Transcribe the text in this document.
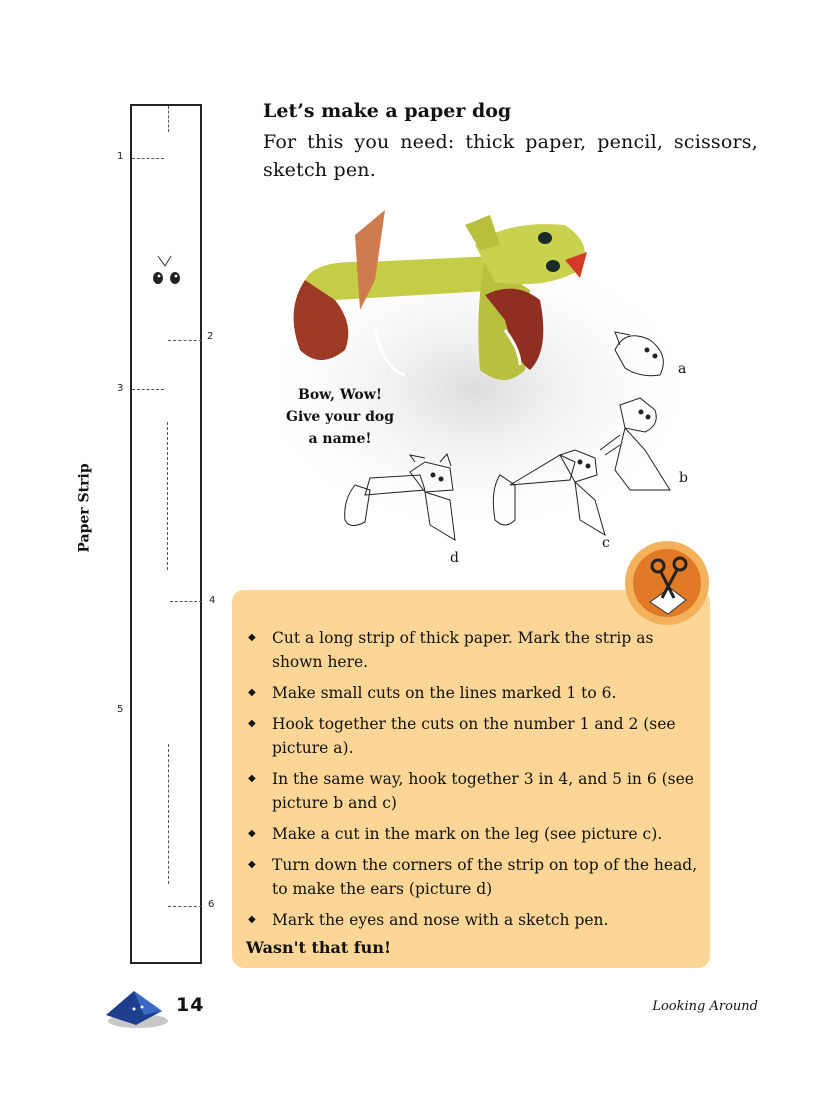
Paper Strip
1
2
3
4
5
6
Let’s make a paper dog
For this you need: thick paper, pencil, scissors, sketch pen.
Bow, Wow!
Give your dog
a name!
a
b
c
d
◆ Cut a long strip of thick paper. Mark the strip as shown here.
◆ Make small cuts on the lines marked 1 to 6.
◆ Hook together the cuts on the number 1 and 2 (see picture a).
◆ In the same way, hook together 3 in 4, and 5 in 6 (see picture b and c)
◆ Make a cut in the mark on the leg (see picture c).
◆ Turn down the corners of the strip on top of the head, to make the ears (picture d)
◆ Mark the eyes and nose with a sketch pen.
Wasn't that fun!
14	Looking Around
